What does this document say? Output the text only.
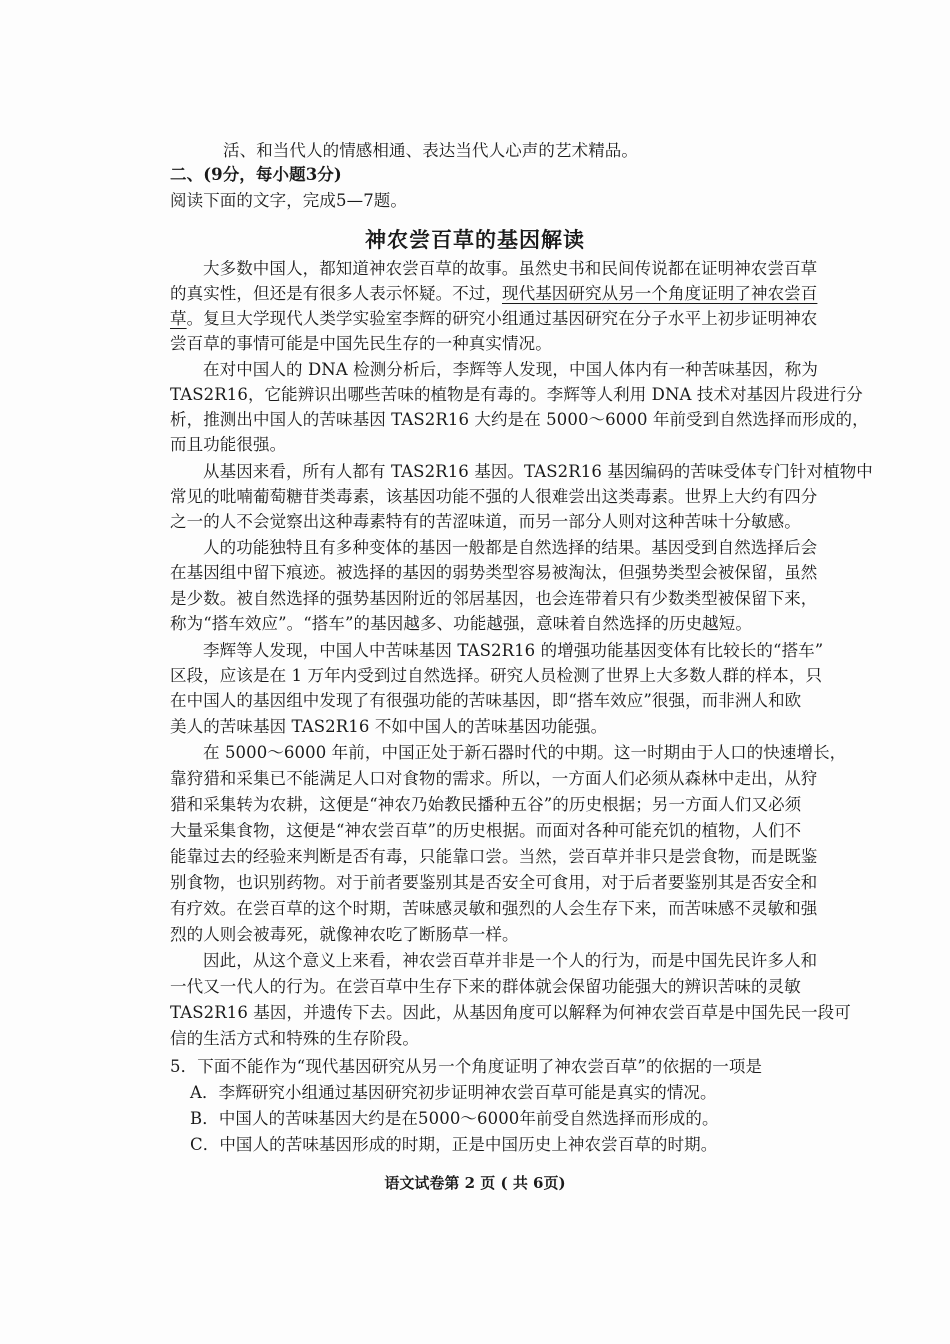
活、和当代人的情感相通、表达当代人心声的艺术精品。
二、(9分，每小题3分)
阅读下面的文字，完成5—7题。
神农尝百草的基因解读
大多数中国人，都知道神农尝百草的故事。虽然史书和民间传说都在证明神农尝百草
的真实性，但还是有很多人表示怀疑。不过，现代基因研究从另一个角度证明了神农尝百
草。复旦大学现代人类学实验室李辉的研究小组通过基因研究在分子水平上初步证明神农
尝百草的事情可能是中国先民生存的一种真实情况。
在对中国人的 DNA 检测分析后，李辉等人发现，中国人体内有一种苦味基因，称为
TAS2R16，它能辨识出哪些苦味的植物是有毒的。李辉等人利用 DNA 技术对基因片段进行分
析，推测出中国人的苦味基因 TAS2R16 大约是在 5000～6000 年前受到自然选择而形成的，
而且功能很强。
从基因来看，所有人都有 TAS2R16 基因。TAS2R16 基因编码的苦味受体专门针对植物中
常见的吡喃葡萄糖苷类毒素，该基因功能不强的人很难尝出这类毒素。世界上大约有四分
之一的人不会觉察出这种毒素特有的苦涩味道，而另一部分人则对这种苦味十分敏感。
人的功能独特且有多种变体的基因一般都是自然选择的结果。基因受到自然选择后会
在基因组中留下痕迹。被选择的基因的弱势类型容易被淘汰，但强势类型会被保留，虽然
是少数。被自然选择的强势基因附近的邻居基因，也会连带着只有少数类型被保留下来，
称为“搭车效应”。“搭车”的基因越多、功能越强，意味着自然选择的历史越短。
李辉等人发现，中国人中苦味基因 TAS2R16 的增强功能基因变体有比较长的“搭车”
区段，应该是在 1 万年内受到过自然选择。研究人员检测了世界上大多数人群的样本，只
在中国人的基因组中发现了有很强功能的苦味基因，即“搭车效应”很强，而非洲人和欧
美人的苦味基因 TAS2R16 不如中国人的苦味基因功能强。
在 5000～6000 年前，中国正处于新石器时代的中期。这一时期由于人口的快速增长，
靠狩猎和采集已不能满足人口对食物的需求。所以，一方面人们必须从森林中走出，从狩
猎和采集转为农耕，这便是“神农乃始教民播种五谷”的历史根据；另一方面人们又必须
大量采集食物，这便是“神农尝百草”的历史根据。而面对各种可能充饥的植物，人们不
能靠过去的经验来判断是否有毒，只能靠口尝。当然，尝百草并非只是尝食物，而是既鉴
别食物，也识别药物。对于前者要鉴别其是否安全可食用，对于后者要鉴别其是否安全和
有疗效。在尝百草的这个时期，苦味感灵敏和强烈的人会生存下来，而苦味感不灵敏和强
烈的人则会被毒死，就像神农吃了断肠草一样。
因此，从这个意义上来看，神农尝百草并非是一个人的行为，而是中国先民许多人和
一代又一代人的行为。在尝百草中生存下来的群体就会保留功能强大的辨识苦味的灵敏
TAS2R16 基因，并遗传下去。因此，从基因角度可以解释为何神农尝百草是中国先民一段可
信的生活方式和特殊的生存阶段。
5．下面不能作为“现代基因研究从另一个角度证明了神农尝百草”的依据的一项是
A．李辉研究小组通过基因研究初步证明神农尝百草可能是真实的情况。
B．中国人的苦味基因大约是在5000～6000年前受自然选择而形成的。
C．中国人的苦味基因形成的时期，正是中国历史上神农尝百草的时期。
语文试卷第 2 页 ( 共 6页)
